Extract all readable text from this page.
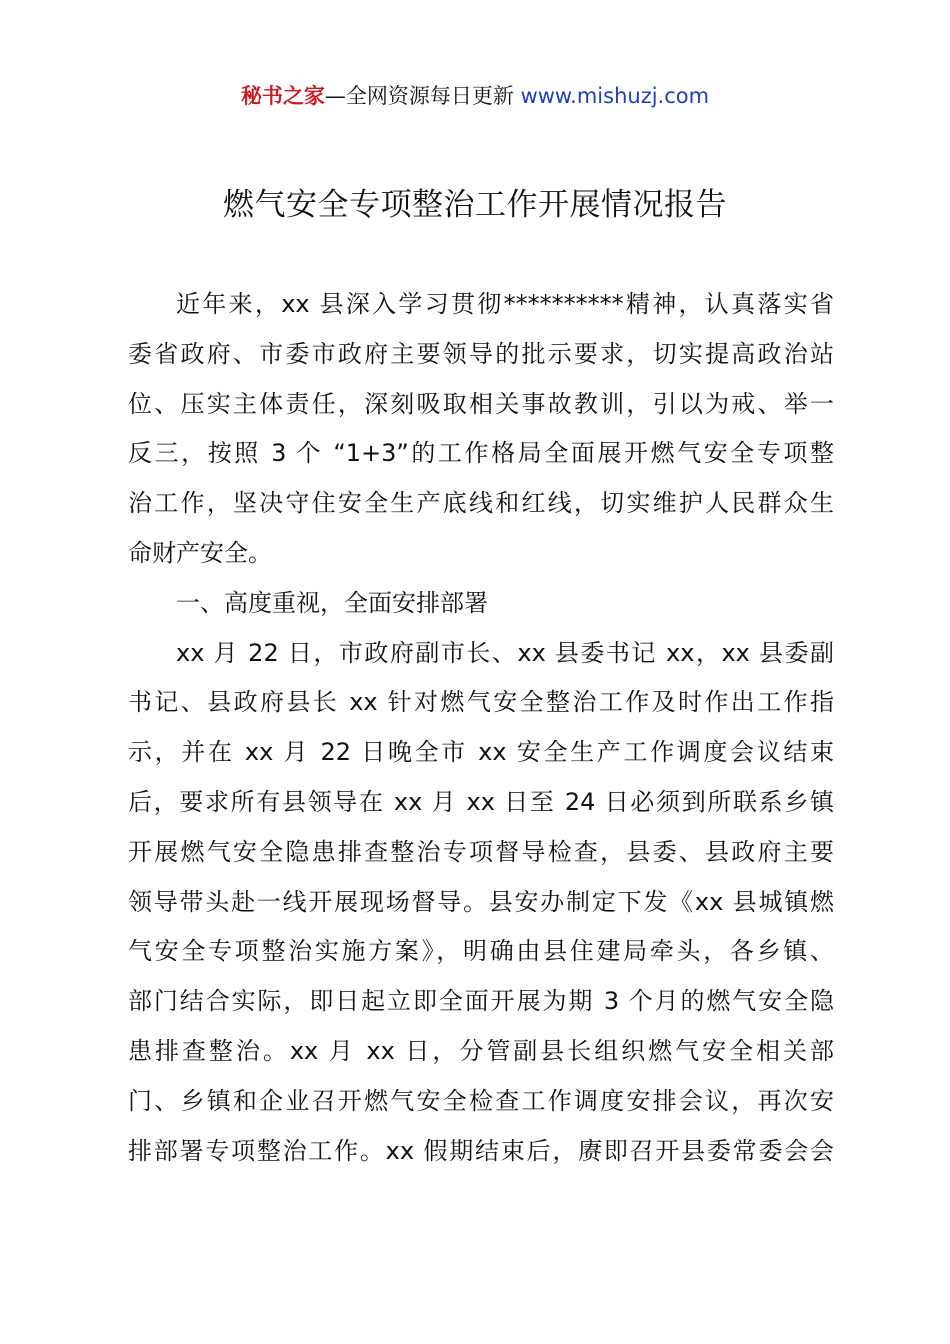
秘书之家—全网资源每日更新 www.mishuzj.com
燃气安全专项整治工作开展情况报告
近年来，xx 县深入学习贯彻**********精神，认真落实省
委省政府、市委市政府主要领导的批示要求，切实提高政治站
位、压实主体责任，深刻吸取相关事故教训，引以为戒、举一
反三，按照 3 个 “1+3”的工作格局全面展开燃气安全专项整
治工作，坚决守住安全生产底线和红线，切实维护人民群众生
命财产安全。
一、高度重视，全面安排部署
xx 月 22 日，市政府副市长、xx 县委书记 xx，xx 县委副
书记、县政府县长 xx 针对燃气安全整治工作及时作出工作指
示，并在 xx 月 22 日晚全市 xx 安全生产工作调度会议结束
后，要求所有县领导在 xx 月 xx 日至 24 日必须到所联系乡镇
开展燃气安全隐患排查整治专项督导检查，县委、县政府主要
领导带头赴一线开展现场督导。县安办制定下发《xx 县城镇燃
气安全专项整治实施方案》，明确由县住建局牵头，各乡镇、
部门结合实际，即日起立即全面开展为期 3 个月的燃气安全隐
患排查整治。xx 月 xx 日，分管副县长组织燃气安全相关部
门、乡镇和企业召开燃气安全检查工作调度安排会议，再次安
排部署专项整治工作。xx 假期结束后，赓即召开县委常委会会
